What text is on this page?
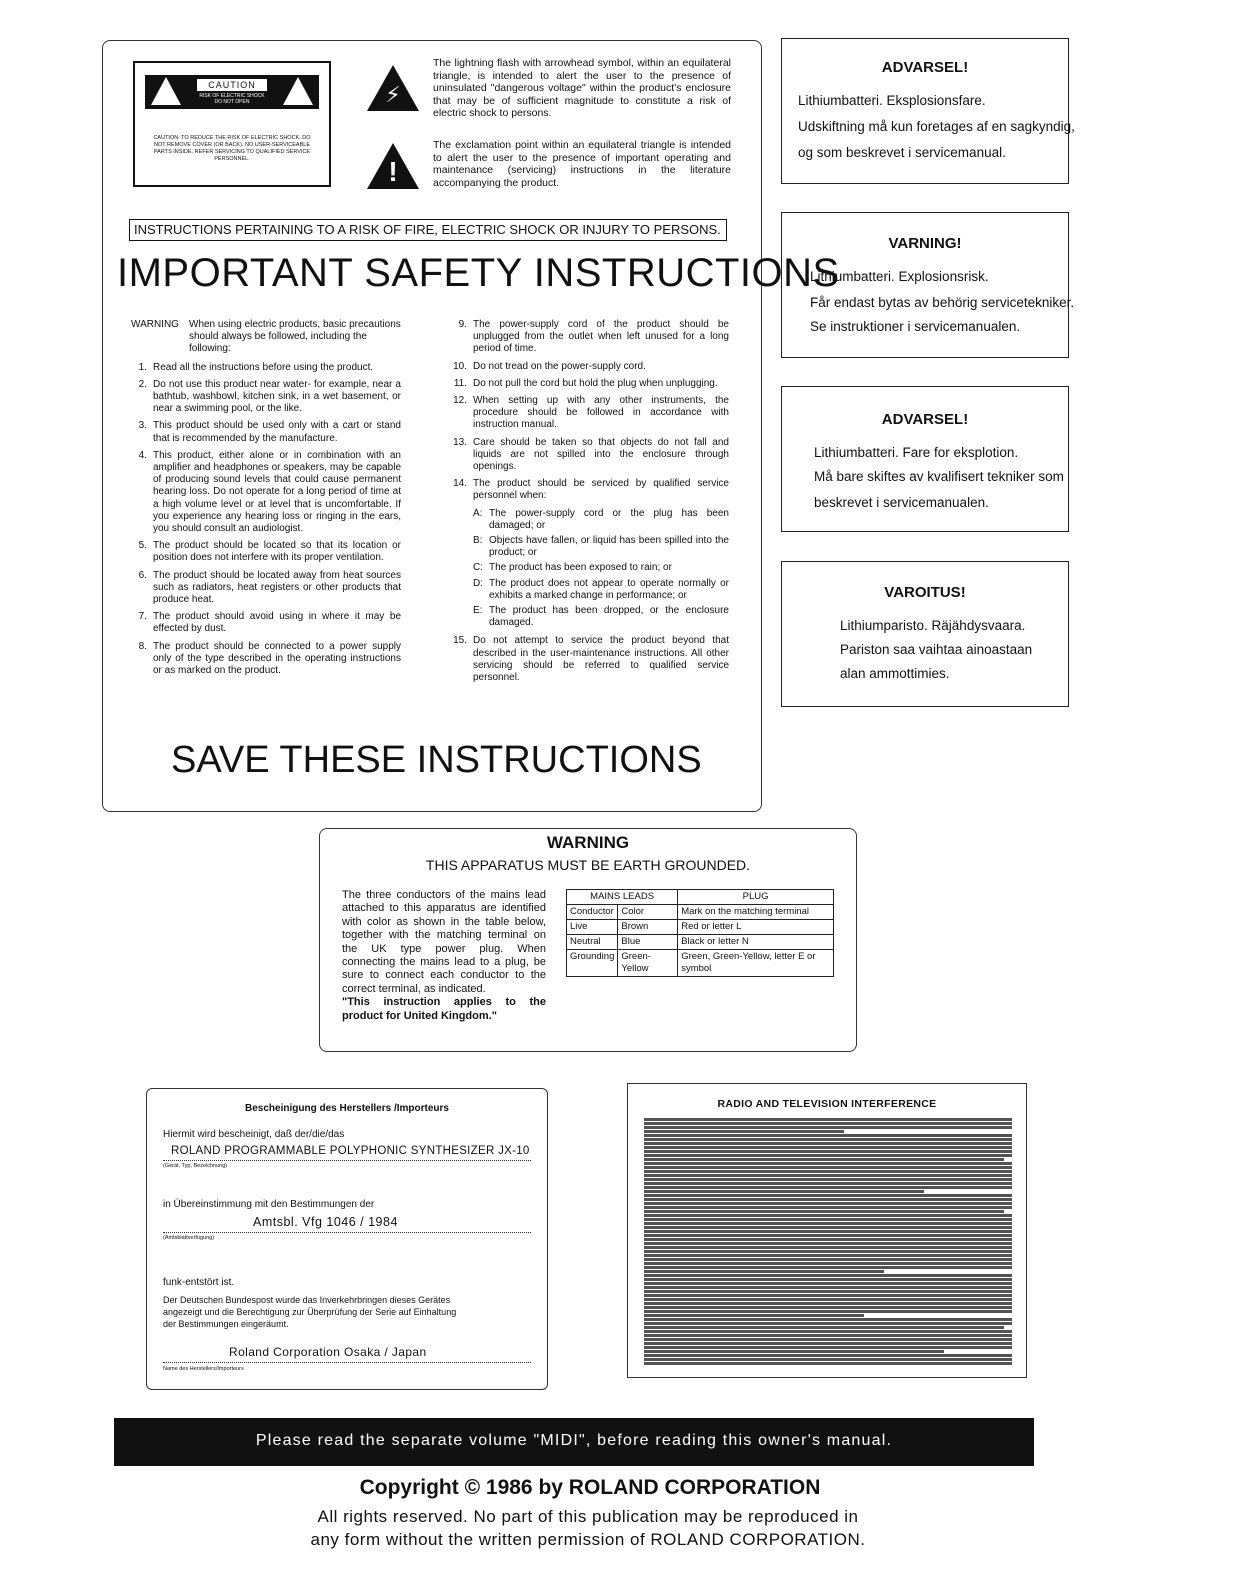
CAUTION
RISK OF ELECTRIC SHOCK DO NOT OPEN
CAUTION: TO REDUCE THE RISK OF ELECTRIC SHOCK, DO NOT REMOVE COVER (OR BACK). NO USER-SERVICEABLE PARTS INSIDE. REFER SERVICING TO QUALIFIED SERVICE PERSONNEL.
⚡
The lightning flash with arrowhead symbol, within an equilateral triangle, is intended to alert the user to the presence of uninsulated "dangerous voltage" within the product's enclosure that may be of sufficient magnitude to constitute a risk of electric shock to persons.
!
The exclamation point within an equilateral triangle is intended to alert the user to the presence of important operating and maintenance (servicing) instructions in the literature accompanying the product.
INSTRUCTIONS PERTAINING TO A RISK OF FIRE, ELECTRIC SHOCK OR INJURY TO PERSONS.
IMPORTANT SAFETY INSTRUCTIONS
WARNING When using electric products, basic precautions should always be followed, including the following:
1. Read all the instructions before using the product.
2. Do not use this product near water- for example, near a bathtub, washbowl, kitchen sink, in a wet basement, or near a swimming pool, or the like.
3. This product should be used only with a cart or stand that is recommended by the manufacture.
4. This product, either alone or in combination with an amplifier and headphones or speakers, may be capable of producing sound levels that could cause permanent hearing loss. Do not operate for a long period of time at a high volume level or at level that is uncomfortable. If you experience any hearing loss or ringing in the ears, you should consult an audiologist.
5. The product should be located so that its location or position does not interfere with its proper ventilation.
6. The product should be located away from heat sources such as radiators, heat registers or other products that produce heat.
7. The product should avoid using in where it may be effected by dust.
8. The product should be connected to a power supply only of the type described in the operating instructions or as marked on the product.
9. The power-supply cord of the product should be unplugged from the outlet when left unused for a long period of time.
10. Do not tread on the power-supply cord.
11. Do not pull the cord but hold the plug when unplugging.
12. When setting up with any other instruments, the procedure should be followed in accordance with instruction manual.
13. Care should be taken so that objects do not fall and liquids are not spilled into the enclosure through openings.
14. The product should be serviced by qualified service personnel when:
A: The power-supply cord or the plug has been damaged; or
B: Objects have fallen, or liquid has been spilled into the product; or
C: The product has been exposed to rain; or
D: The product does not appear to operate normally or exhibits a marked change in performance; or
E: The product has been dropped, or the enclosure damaged.
15. Do not attempt to service the product beyond that described in the user-maintenance instructions. All other servicing should be referred to qualified service personnel.
SAVE THESE INSTRUCTIONS
ADVARSEL!
Lithiumbatteri. Eksplosionsfare.
Udskiftning må kun foretages af en sagkyndig,
og som beskrevet i servicemanual.
VARNING!
Lithiumbatteri. Explosionsrisk.
Får endast bytas av behörig servicetekniker.
Se instruktioner i servicemanualen.
ADVARSEL!
Lithiumbatteri. Fare for eksplotion.
Må bare skiftes av kvalifisert tekniker som
beskrevet i servicemanualen.
VAROITUS!
Lithiumparisto. Räjähdysvaara.
Pariston saa vaihtaa ainoastaan
alan ammottimies.
WARNING
THIS APPARATUS MUST BE EARTH GROUNDED.
The three conductors of the mains lead attached to this apparatus are identified with color as shown in the table below, together with the matching terminal on the UK type power plug. When connecting the mains lead to a plug, be sure to connect each conductor to the correct terminal, as indicated.
"This instruction applies to the product for United Kingdom."
MAINS LEADS		PLUG
Conductor	Color	Mark on the matching terminal
Live	Brown	Red or letter L
Neutral	Blue	Black or letter N
Grounding	Green-Yellow	Green, Green-Yellow, letter E or symbol
Bescheinigung des Herstellers /Importeurs
Hiermit wird bescheinigt, daß der/die/das
ROLAND PROGRAMMABLE POLYPHONIC SYNTHESIZER JX-10
(Gerät, Typ, Bezeichnung)
in Übereinstimmung mit den Bestimmungen der
Amtsbl. Vfg 1046 / 1984
(Amtsblattverfügung)
funk-entstört ist.
Der Deutschen Bundespost wurde das Inverkehrbringen dieses Gerätes
angezeigt und die Berechtigung zur Überprüfung der Serie auf Einhaltung
der Bestimmungen eingeräumt.
Roland Corporation Osaka / Japan
Name des Herstellers/Importeurs
RADIO AND TELEVISION INTERFERENCE
Please read the separate volume "MIDI", before reading this owner's manual.
Copyright © 1986 by ROLAND CORPORATION
All rights reserved. No part of this publication may be reproduced in
any form without the written permission of ROLAND CORPORATION.
